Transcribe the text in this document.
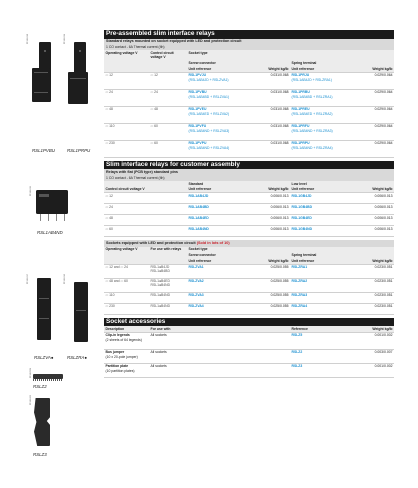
PF101618	PF101619
RSL1PVBU	RSL1PRPU
PF101615
RSL1AB4ND
PF101617	PF101616
RSLZVA●	RSLZRA●
PF102039
RSLZ2
PF101620
RSLZ3
Pre-assembled slim interface relays
Standard relays mounted on socket equipped with LED and protection circuit
1 CO contact - 6A Thermal current (Ith)
Operating voltage V	Control circuit voltage V
Socket type
Screw connector	Spring terminal
Unit reference	Weight kg/lb Unit reference	Weight kg/lb
⎓ 12	⎓ 12	RSL1PVJU
(RSL1AB4JD + RSLZVA1)
0.031/0.068 RSL1PRJU
(RSL1AB4JD + RSLZRA1)
0.029/0.064
⎓ 24	⎓ 24	RSL1PVBU
(RSL1AB4BD + RSLZVA1)
0.031/0.068 RSL1PRBU
(RSL1AB4BD + RSLZRA1)
0.029/0.064
⎓ 48	⎓ 48	RSL1PVEU
(RSL1AB4ED + RSLZVA2)
0.031/0.068 RSL1PREU
(RSL1AB4ED + RSLZRA2)
0.029/0.064
⎓ 110	⎓ 60	RSL1PVFU
(RSL1AB4ND + RSLZVA3)
0.031/0.068 RSL1PRFU
(RSL1AB4ND + RSLZRA3)
0.029/0.064
⎓ 230	⎓ 60	RSL1PVPU
(RSL1AB4ND + RSLZVA4)
0.031/0.068 RSL1PRPU
(RSL1AB4ND + RSLZRA4)
0.029/0.064
Slim interface relays for customer assembly
Relays with flat (PCB type) standard pins
1 CO contact - 6A Thermal current (Ith)
Standard	Low level
Control circuit voltage V	Unit reference	Weight kg/lb Unit reference	Weight kg/lb
⎓ 12	RSL1AB4JD	0.006/0.013 RSL1GB4JD	0.006/0.013
⎓ 24	RSL1AB4BD	0.006/0.013 RSL1GB4BD	0.006/0.013
⎓ 48	RSL1AB4ED	0.006/0.013 RSL1GB4ED	0.006/0.013
⎓ 60	RSL1AB4ND	0.006/0.013 RSL1GB4ND	0.006/0.013
Sockets equipped with LED and protection circuit (Sold in lots of 10)
Operating voltage V	For use with relays	Socket type
Screw connector	Spring terminal
Unit reference	Weight kg/lb Unit reference	Weight kg/lb
⎓ 12 and ⎓ 24	RSL1●B4JD
RSL1●B4BD
RSLZVA1	0.025/0.055 RSLZRA1	0.023/0.051
⎓ 48 and ⎓ 60	RSL1●B4ED
RSL1●B4ND
RSLZVA2	0.025/0.055 RSLZRA2	0.023/0.051
⎓ 110	RSL1●B4ND	RSLZVA3	0.025/0.055 RSLZRA3	0.023/0.051
⎓ 230	RSL1●B4ND	RSLZVA4	0.025/0.055 RSLZRA4	0.023/0.051
Socket accessories
Description	For use with	Reference	Weight kg/lb
Clip-in legends
(2 sheets of 64 legends)
All sockets	RSLZ5	0.001/0.002
Bus jumper
(10 x 20-pole jumper)
All sockets	RSLZ2	0.003/0.007
Partition plate
(10 partition plates)
All sockets	RSLZ3	0.001/0.002
